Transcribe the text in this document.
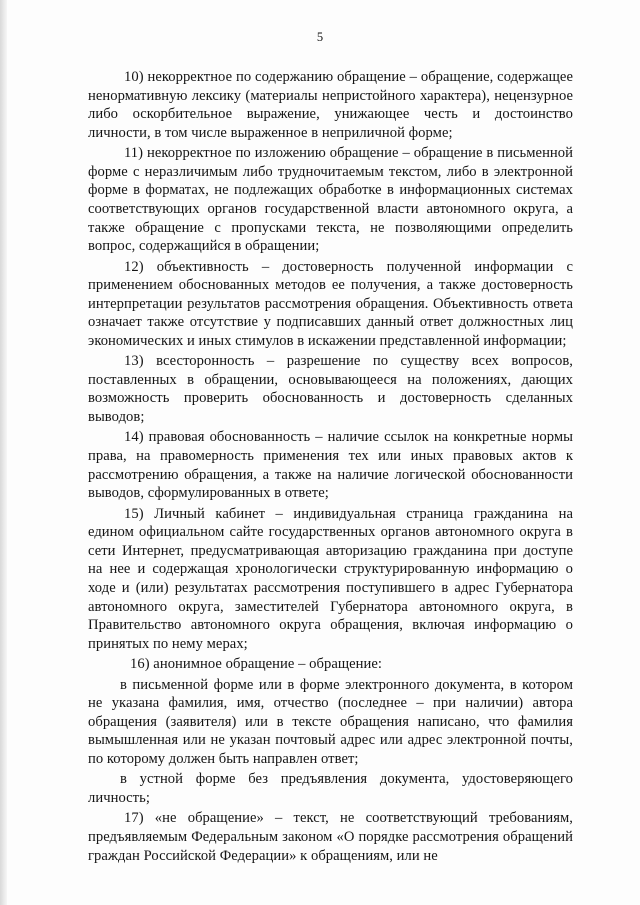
5

10) некорректное по содержанию обращение – обращение, содержащее ненормативную лексику (материалы непристойного характера), нецензурное либо оскорбительное выражение, унижающее честь и достоинство личности, в том числе выраженное в неприличной форме;

11) некорректное по изложению обращение – обращение в письменной форме с неразличимым либо трудночитаемым текстом, либо в электронной форме в форматах, не подлежащих обработке в информационных системах соответствующих органов государственной власти автономного округа, а также обращение с пропусками текста, не позволяющими определить вопрос, содержащийся в обращении;

12) объективность – достоверность полученной информации с применением обоснованных методов ее получения, а также достоверность интерпретации результатов рассмотрения обращения. Объективность ответа означает также отсутствие у подписавших данный ответ должностных лиц экономических и иных стимулов в искажении представленной информации;

13) всесторонность – разрешение по существу всех вопросов, поставленных в обращении, основывающееся на положениях, дающих возможность проверить обоснованность и достоверность сделанных выводов;

14) правовая обоснованность – наличие ссылок на конкретные нормы права, на правомерность применения тех или иных правовых актов к рассмотрению обращения, а также на наличие логической обоснованности выводов, сформулированных в ответе;

15) Личный кабинет – индивидуальная страница гражданина на едином официальном сайте государственных органов автономного округа в сети Интернет, предусматривающая авторизацию гражданина при доступе на нее и содержащая хронологически структурированную информацию о ходе и (или) результатах рассмотрения поступившего в адрес Губернатора автономного округа, заместителей Губернатора автономного округа, в Правительство автономного округа обращения, включая информацию о принятых по нему мерах;

16) анонимное обращение – обращение:

в письменной форме или в форме электронного документа, в котором не указана фамилия, имя, отчество (последнее – при наличии) автора обращения (заявителя) или в тексте обращения написано, что фамилия вымышленная или не указан почтовый адрес или адрес электронной почты, по которому должен быть направлен ответ;

в устной форме без предъявления документа, удостоверяющего личность;

17) «не обращение» – текст, не соответствующий требованиям, предъявляемым Федеральным законом «О порядке рассмотрения обращений граждан Российской Федерации» к обращениям, или не
